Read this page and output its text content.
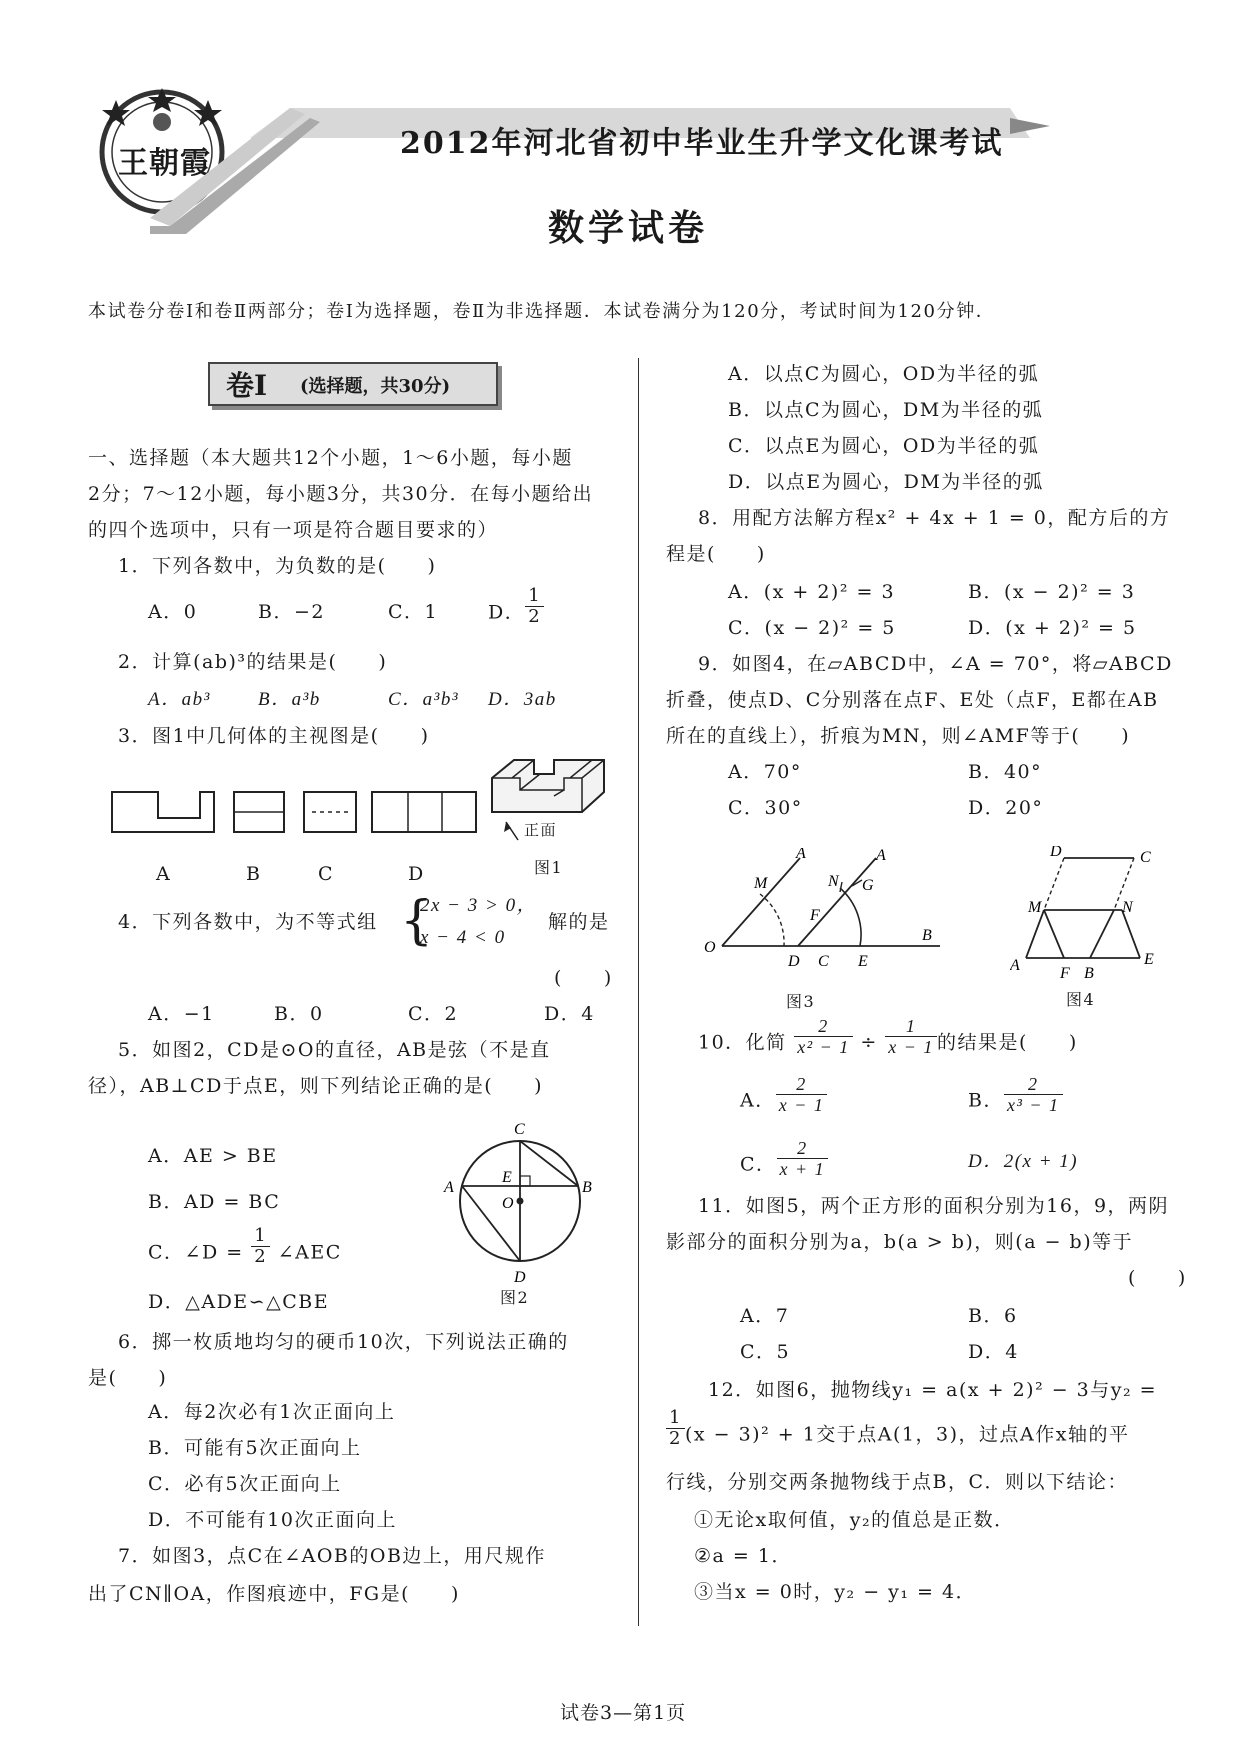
王朝霞
2012年河北省初中毕业生升学文化课考试
数学试卷
本试卷分卷Ⅰ和卷Ⅱ两部分；卷Ⅰ为选择题，卷Ⅱ为非选择题．本试卷满分为120分，考试时间为120分钟．
卷Ⅰ (选择题，共30分)
一、选择题（本大题共12个小题，1～6小题，每小题
2分；7～12小题，每小题3分，共30分．在每小题给出
的四个选项中，只有一项是符合题目要求的）
1．下列各数中，为负数的是(　　)
A．0	B．−2	C．1	D． $\frac{1}{2}$
2．计算(ab)³的结果是(　　)
A．ab³ B．a³b	C．a³b³ D．3ab
3．图1中几何体的主视图是(　　)
A	B	C	D
正面
图1
4．下列各数中，为不等式组 {
2x − 3 > 0，
x − 4 < 0
解的是
(　　)
A．−1	B．0	C．2	D．4
5．如图2，CD是⊙O的直径，AB是弦（不是直
径），AB⊥CD于点E，则下列结论正确的是(　　)
A．AE > BE
B．AD = BC
C．∠D = $\frac{1}{2}$ ∠AEC
D．△ADE∽△CBE
C
A	B
E
O
D
图2
6．掷一枚质地均匀的硬币10次，下列说法正确的
是(　　)
A．每2次必有1次正面向上
B．可能有5次正面向上
C．必有5次正面向上
D．不可能有10次正面向上
7．如图3，点C在∠AOB的OB边上，用尺规作
出了CN∥OA，作图痕迹中，FG是(　　)
A．以点C为圆心，OD为半径的弧
B．以点C为圆心，DM为半径的弧
C．以点E为圆心，OD为半径的弧
D．以点E为圆心，DM为半径的弧
8．用配方法解方程x² + 4x + 1 = 0，配方后的方
程是(　　)
A．(x + 2)² = 3	B．(x − 2)² = 3
C．(x − 2)² = 5	D．(x + 2)² = 5
9．如图4，在▱ABCD中，∠A = 70°，将▱ABCD
折叠，使点D、C分别落在点F、E处（点F，E都在AB
所在的直线上），折痕为MN，则∠AMF等于(　　)
A．70°	B．40°
C．30°	D．20°
A
M
A
N G
F
O
D C E
B
图3
D	C
M	N
A	F B
E
图4
10．化简 $\frac{2}{\text{x² − 1}} \div \frac{1}{x - 1}$ 的结果是(　　)
A． $\frac{2}{x - 1}$	B． $\frac{2}{\text{x³ − 1}}$
C． $\frac{2}{x + 1}$	D．2(x + 1)
11．如图5，两个正方形的面积分别为16，9，两阴
影部分的面积分别为a，b(a > b)，则(a − b)等于
(　　)
A．7	B．6
C．5	D．4
12．如图6，抛物线y₁ = a(x + 2)² − 3与y₂ =
$\frac{1}{2} (x - 3)^2 + 1$交于点A(1，3)，过点A作x轴的平
行线，分别交两条抛物线于点B，C．则以下结论：
①无论x取何值，y₂的值总是正数．
②a = 1．
③当x = 0时，y₂ − y₁ = 4．
试卷3—第1页
